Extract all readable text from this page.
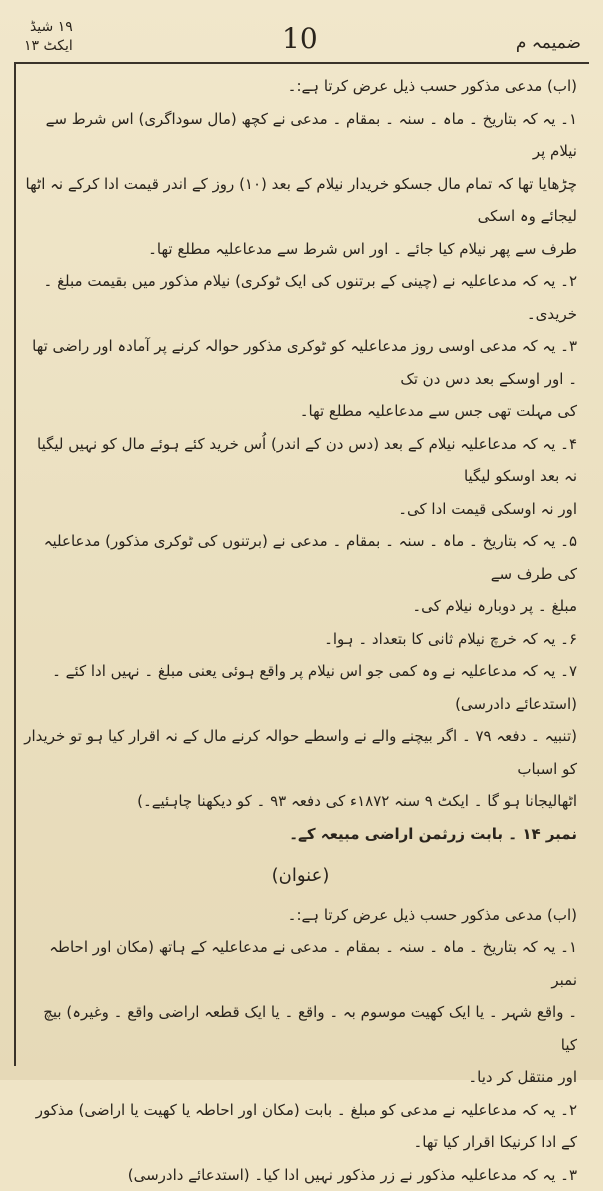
۱۹ شیڈ
ایکٹ ۱۳	10	ضمیمہ م

(اب) مدعی مذکور حسب ذیل عرض کرتا ہے:۔

۱۔ یہ کہ بتاریخ ۔ ماہ ۔ سنہ ۔ بمقام ۔ مدعی نے کچھ (مال سوداگری) اس شرط سے نیلام پر

چڑھایا تھا کہ تمام مال جسکو خریدار نیلام کے بعد (۱۰) روز کے اندر قیمت ادا کرکے نہ اٹھا لیجائے وہ اسکی

طرف سے پھر نیلام کیا جائے ۔ اور اس شرط سے مدعاعلیہ مطلع تھا۔

۲۔ یہ کہ مدعاعلیہ نے (چینی کے برتنوں کی ایک ٹوکری) نیلام مذکور میں بقیمت مبلغ ۔ خریدی۔

۳۔ یہ کہ مدعی اوسی روز مدعاعلیہ کو ٹوکری مذکور حوالہ کرنے پر آمادہ اور راضی تھا ۔ اور اوسکے بعد دس دن تک

کی مہلت تھی جس سے مدعاعلیہ مطلع تھا۔

۴۔ یہ کہ مدعاعلیہ نیلام کے بعد (دس دن کے اندر) اُس خرید کئے ہوئے مال کو نہیں لیگیا نہ بعد اوسکو لیگیا

اور نہ اوسکی قیمت ادا کی۔

۵۔ یہ کہ بتاریخ ۔ ماہ ۔ سنہ ۔ بمقام ۔ مدعی نے (برتنوں کی ٹوکری مذکور) مدعاعلیہ کی طرف سے

مبلغ ۔ پر دوبارہ نیلام کی۔

۶۔ یہ کہ خرچ نیلام ثانی کا بتعداد ۔ ہوا۔

۷۔ یہ کہ مدعاعلیہ نے وہ کمی جو اس نیلام پر واقع ہوئی یعنی مبلغ ۔ نہیں ادا کئے ۔ (استدعائے دادرسی)

(تنبیہ ۔ دفعہ ۷۹ ۔ اگر بیچنے والے نے واسطے حوالہ کرنے مال کے نہ اقرار کیا ہو تو خریدار کو اسباب

اٹھالیجانا ہو گا ۔ ایکٹ ۹ سنہ ۱۸۷۲ء کی دفعہ ۹۳ ۔ کو دیکھنا چاہئیے۔)

نمبر ۱۴ ۔ بابت زرثمن اراضی مبیعہ کے۔

(عنوان)

(اب) مدعی مذکور حسب ذیل عرض کرتا ہے:۔

۱۔ یہ کہ بتاریخ ۔ ماہ ۔ سنہ ۔ بمقام ۔ مدعی نے مدعاعلیہ کے ہاتھ (مکان اور احاطہ نمبر

۔ واقع شہر ۔ یا ایک کھیت موسوم بہ ۔ واقع ۔ یا ایک قطعہ اراضی واقع ۔ وغیرہ) بیچ کیا

اور منتقل کر دیا۔

۲۔ یہ کہ مدعاعلیہ نے مدعی کو مبلغ ۔ بابت (مکان اور احاطہ یا کھیت یا اراضی) مذکور کے ادا کرنیکا اقرار کیا تھا۔

۳۔ یہ کہ مدعاعلیہ مذکور نے زر مذکور نہیں ادا کیا۔ (استدعائے دادرسی)
